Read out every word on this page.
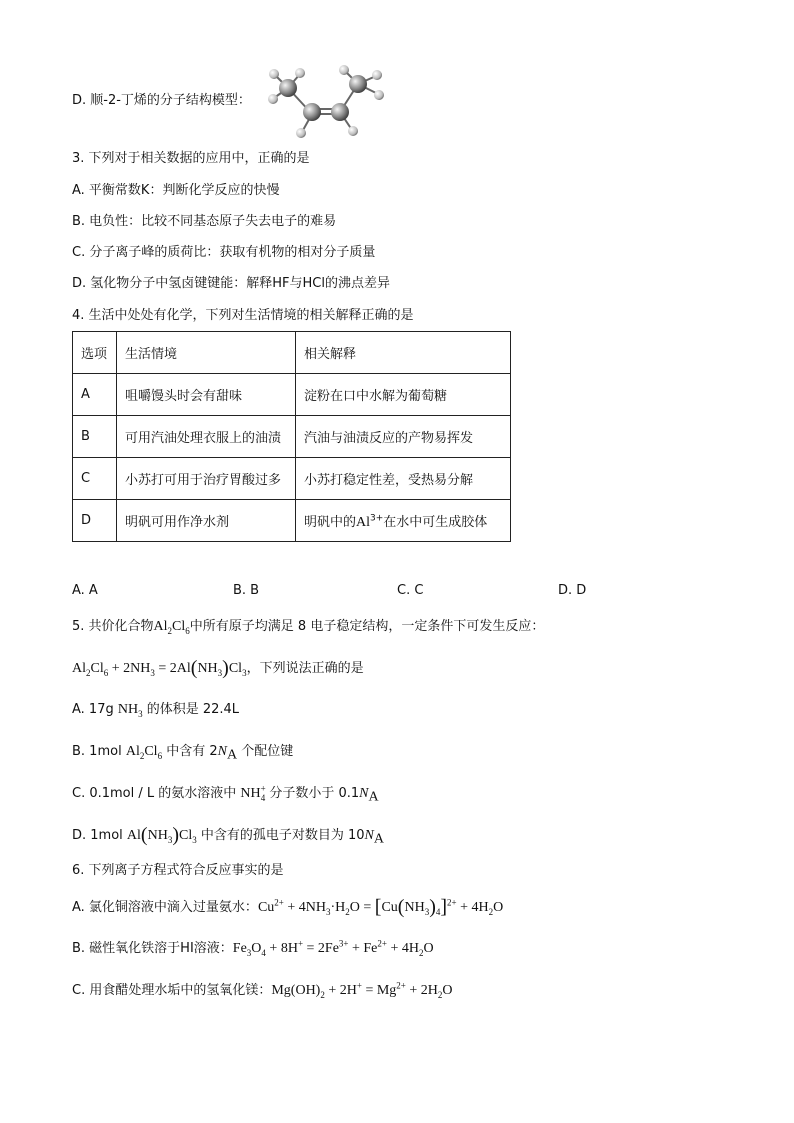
D. 顺-2-丁烯的分子结构模型：
3. 下列对于相关数据的应用中，正确的是
A. 平衡常数K：判断化学反应的快慢
B. 电负性：比较不同基态原子失去电子的难易
C. 分子离子峰的质荷比：获取有机物的相对分子质量
D. 氢化物分子中氢卤键键能：解释HF与HCl的沸点差异
4. 生活中处处有化学，下列对生活情境的相关解释正确的是
选项	生活情境	相关解释
A	咀嚼馒头时会有甜味	淀粉在口中水解为葡萄糖
B	可用汽油处理衣服上的油渍	汽油与油渍反应的产物易挥发
C	小苏打可用于治疗胃酸过多	小苏打稳定性差，受热易分解
D	明矾可用作净水剂	明矾中的$Al^{3+}$在水中可生成胶体
A. A	B. B	C. C	D. D
5. 共价化合物$Al_2Cl_6$中所有原子均满足 8 电子稳定结构，一定条件下可发生反应：
$Al_2Cl_6 + 2NH_3 = 2Al(NH_3)Cl_3$，下列说法正确的是
A. 17g $NH_3$ 的体积是 22.4L
B. 1mol $Al_2Cl_6$ 中含有 $2N_A$ 个配位键
C. 0.1mol / L 的氨水溶液中 $NH^+_4$ 分子数小于 $0.1N_A$
D. 1mol $Al(NH_3)Cl_3$ 中含有的孤电子对数目为 $10N_A$
6. 下列离子方程式符合反应事实的是
A. 氯化铜溶液中滴入过量氨水：$Cu^{2+} + 4NH_3\cdot H_2O = [Cu(NH_3)_4]^{2+} + 4H_2O$
B. 磁性氧化铁溶于HI溶液：$Fe_3O_4 + 8H^+ = 2Fe^{3+} + Fe^{2+} + 4H_2O$
C. 用食醋处理水垢中的氢氧化镁：$Mg(OH)_2 + 2H^+ = Mg^{2+} + 2H_2O$
